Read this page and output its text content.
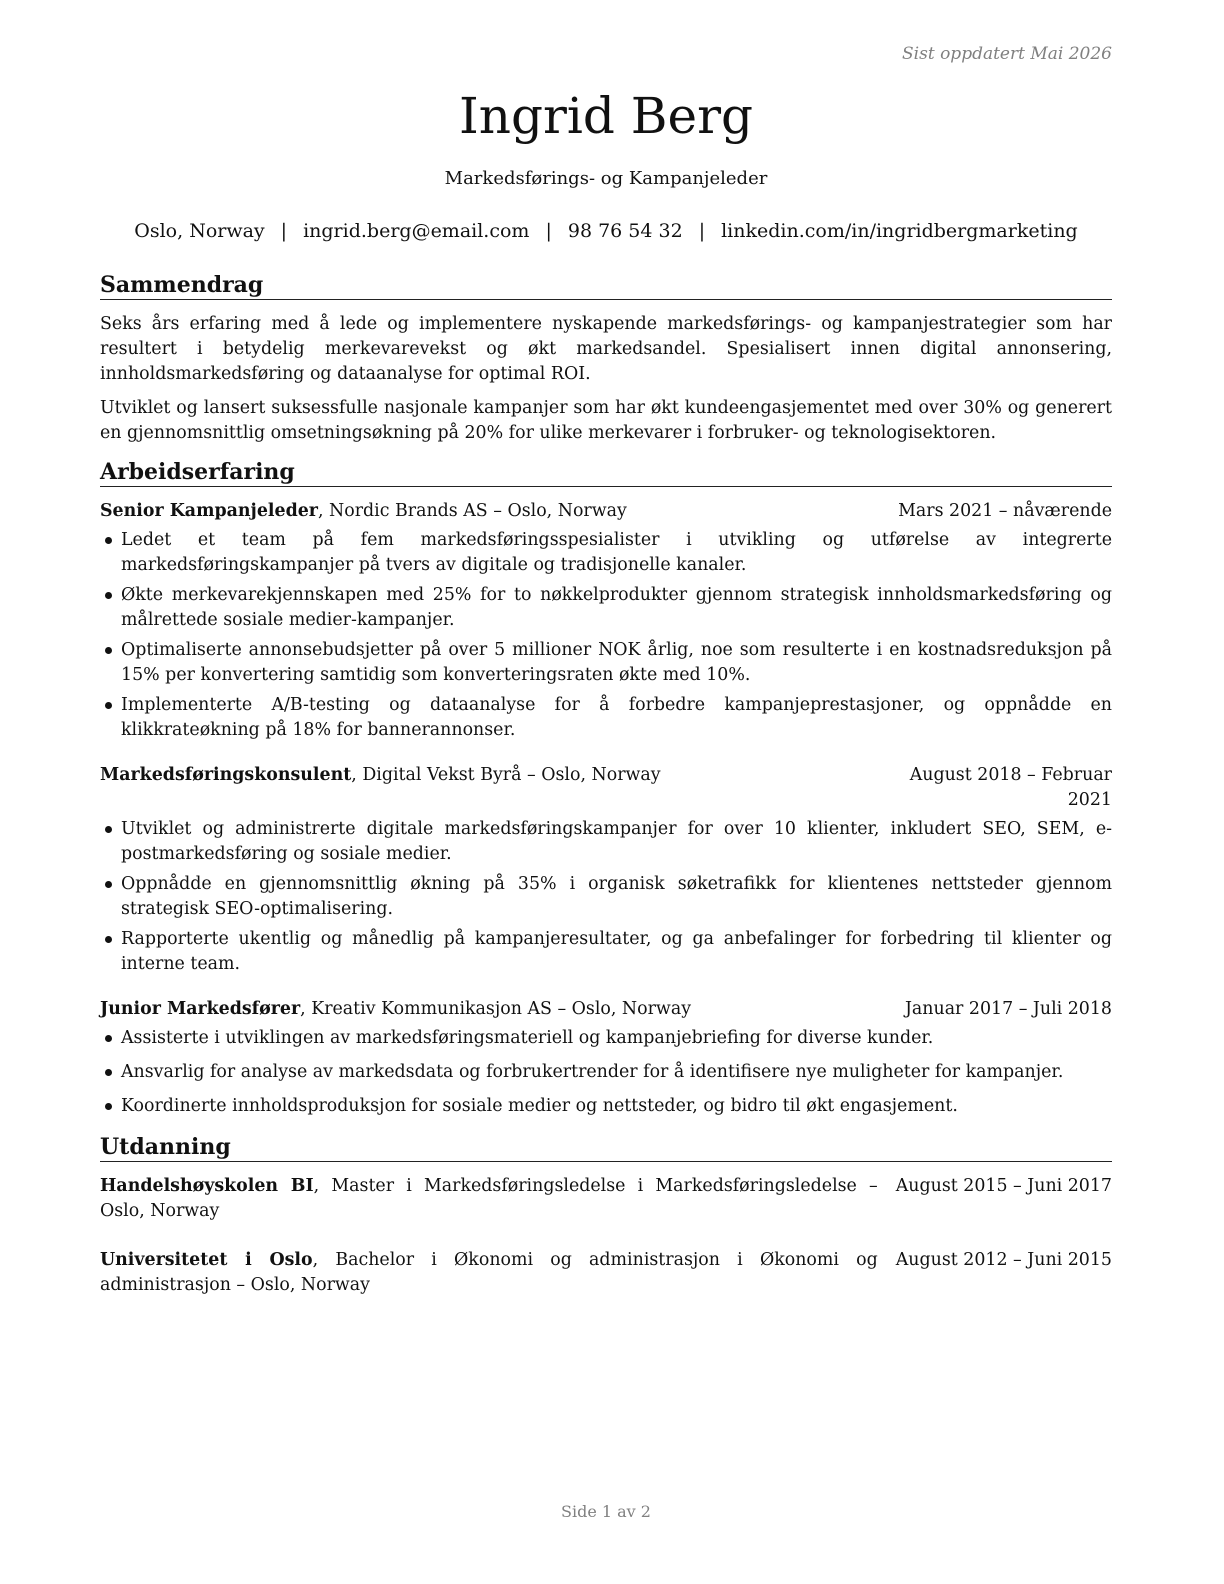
Sist oppdatert Mai 2026
Ingrid Berg
Markedsførings- og Kampanjeleder
Oslo, Norway | ingrid.berg@email.com | 98 76 54 32 | linkedin.com/in/ingridbergmarketing
Sammendrag

Seks års erfaring med å lede og implementere nyskapende markedsførings- og kampanjestrategier som har resultert i betydelig merkevarevekst og økt markedsandel. Spesialisert innen digital annonsering, innholdsmarkedsføring og dataanalyse for optimal ROI.

Utviklet og lansert suksessfulle nasjonale kampanjer som har økt kundeengasjementet med over 30% og generert en gjennomsnittlig omsetningsøkning på 20% for ulike merkevarer i forbruker- og teknologisektoren.

Arbeidserfaring
Senior Kampanjeleder, Nordic Brands AS – Oslo, Norway	Mars 2021 – nåværende
Ledet et team på fem markedsføringsspesialister i utvikling og utførelse av integrerte markedsføringskampanjer på tvers av digitale og tradisjonelle kanaler.
Økte merkevarekjennskapen med 25% for to nøkkelprodukter gjennom strategisk innholdsmarkedsføring og målrettede sosiale medier-kampanjer.
Optimaliserte annonsebudsjetter på over 5 millioner NOK årlig, noe som resulterte i en kostnadsreduksjon på 15% per konvertering samtidig som konverteringsraten økte med 10%.
Implementerte A/B-testing og dataanalyse for å forbedre kampanjeprestasjoner, og oppnådde en klikkrateøkning på 18% for bannerannonser.
Markedsføringskonsulent, Digital Vekst Byrå – Oslo, Norway	August 2018 – Februar 2021
Utviklet og administrerte digitale markedsføringskampanjer for over 10 klienter, inkludert SEO, SEM, e-postmarkedsføring og sosiale medier.
Oppnådde en gjennomsnittlig økning på 35% i organisk søketrafikk for klientenes nettsteder gjennom strategisk SEO-optimalisering.
Rapporterte ukentlig og månedlig på kampanjeresultater, og ga anbefalinger for forbedring til klienter og interne team.
Junior Markedsfører, Kreativ Kommunikasjon AS – Oslo, Norway	Januar 2017 – Juli 2018
Assisterte i utviklingen av markedsføringsmateriell og kampanjebriefing for diverse kunder.
Ansvarlig for analyse av markedsdata og forbrukertrender for å identifisere nye muligheter for kampanjer.
Koordinerte innholdsproduksjon for sosiale medier og nettsteder, og bidro til økt engasjement.
Utdanning
Handelshøyskolen BI, Master i Markedsføringsledelse i Markedsføringsledelse – Oslo, Norway
August 2015 – Juni 2017
Universitetet i Oslo, Bachelor i Økonomi og administrasjon i Økonomi og administrasjon – Oslo, Norway
August 2012 – Juni 2015
Side 1 av 2
